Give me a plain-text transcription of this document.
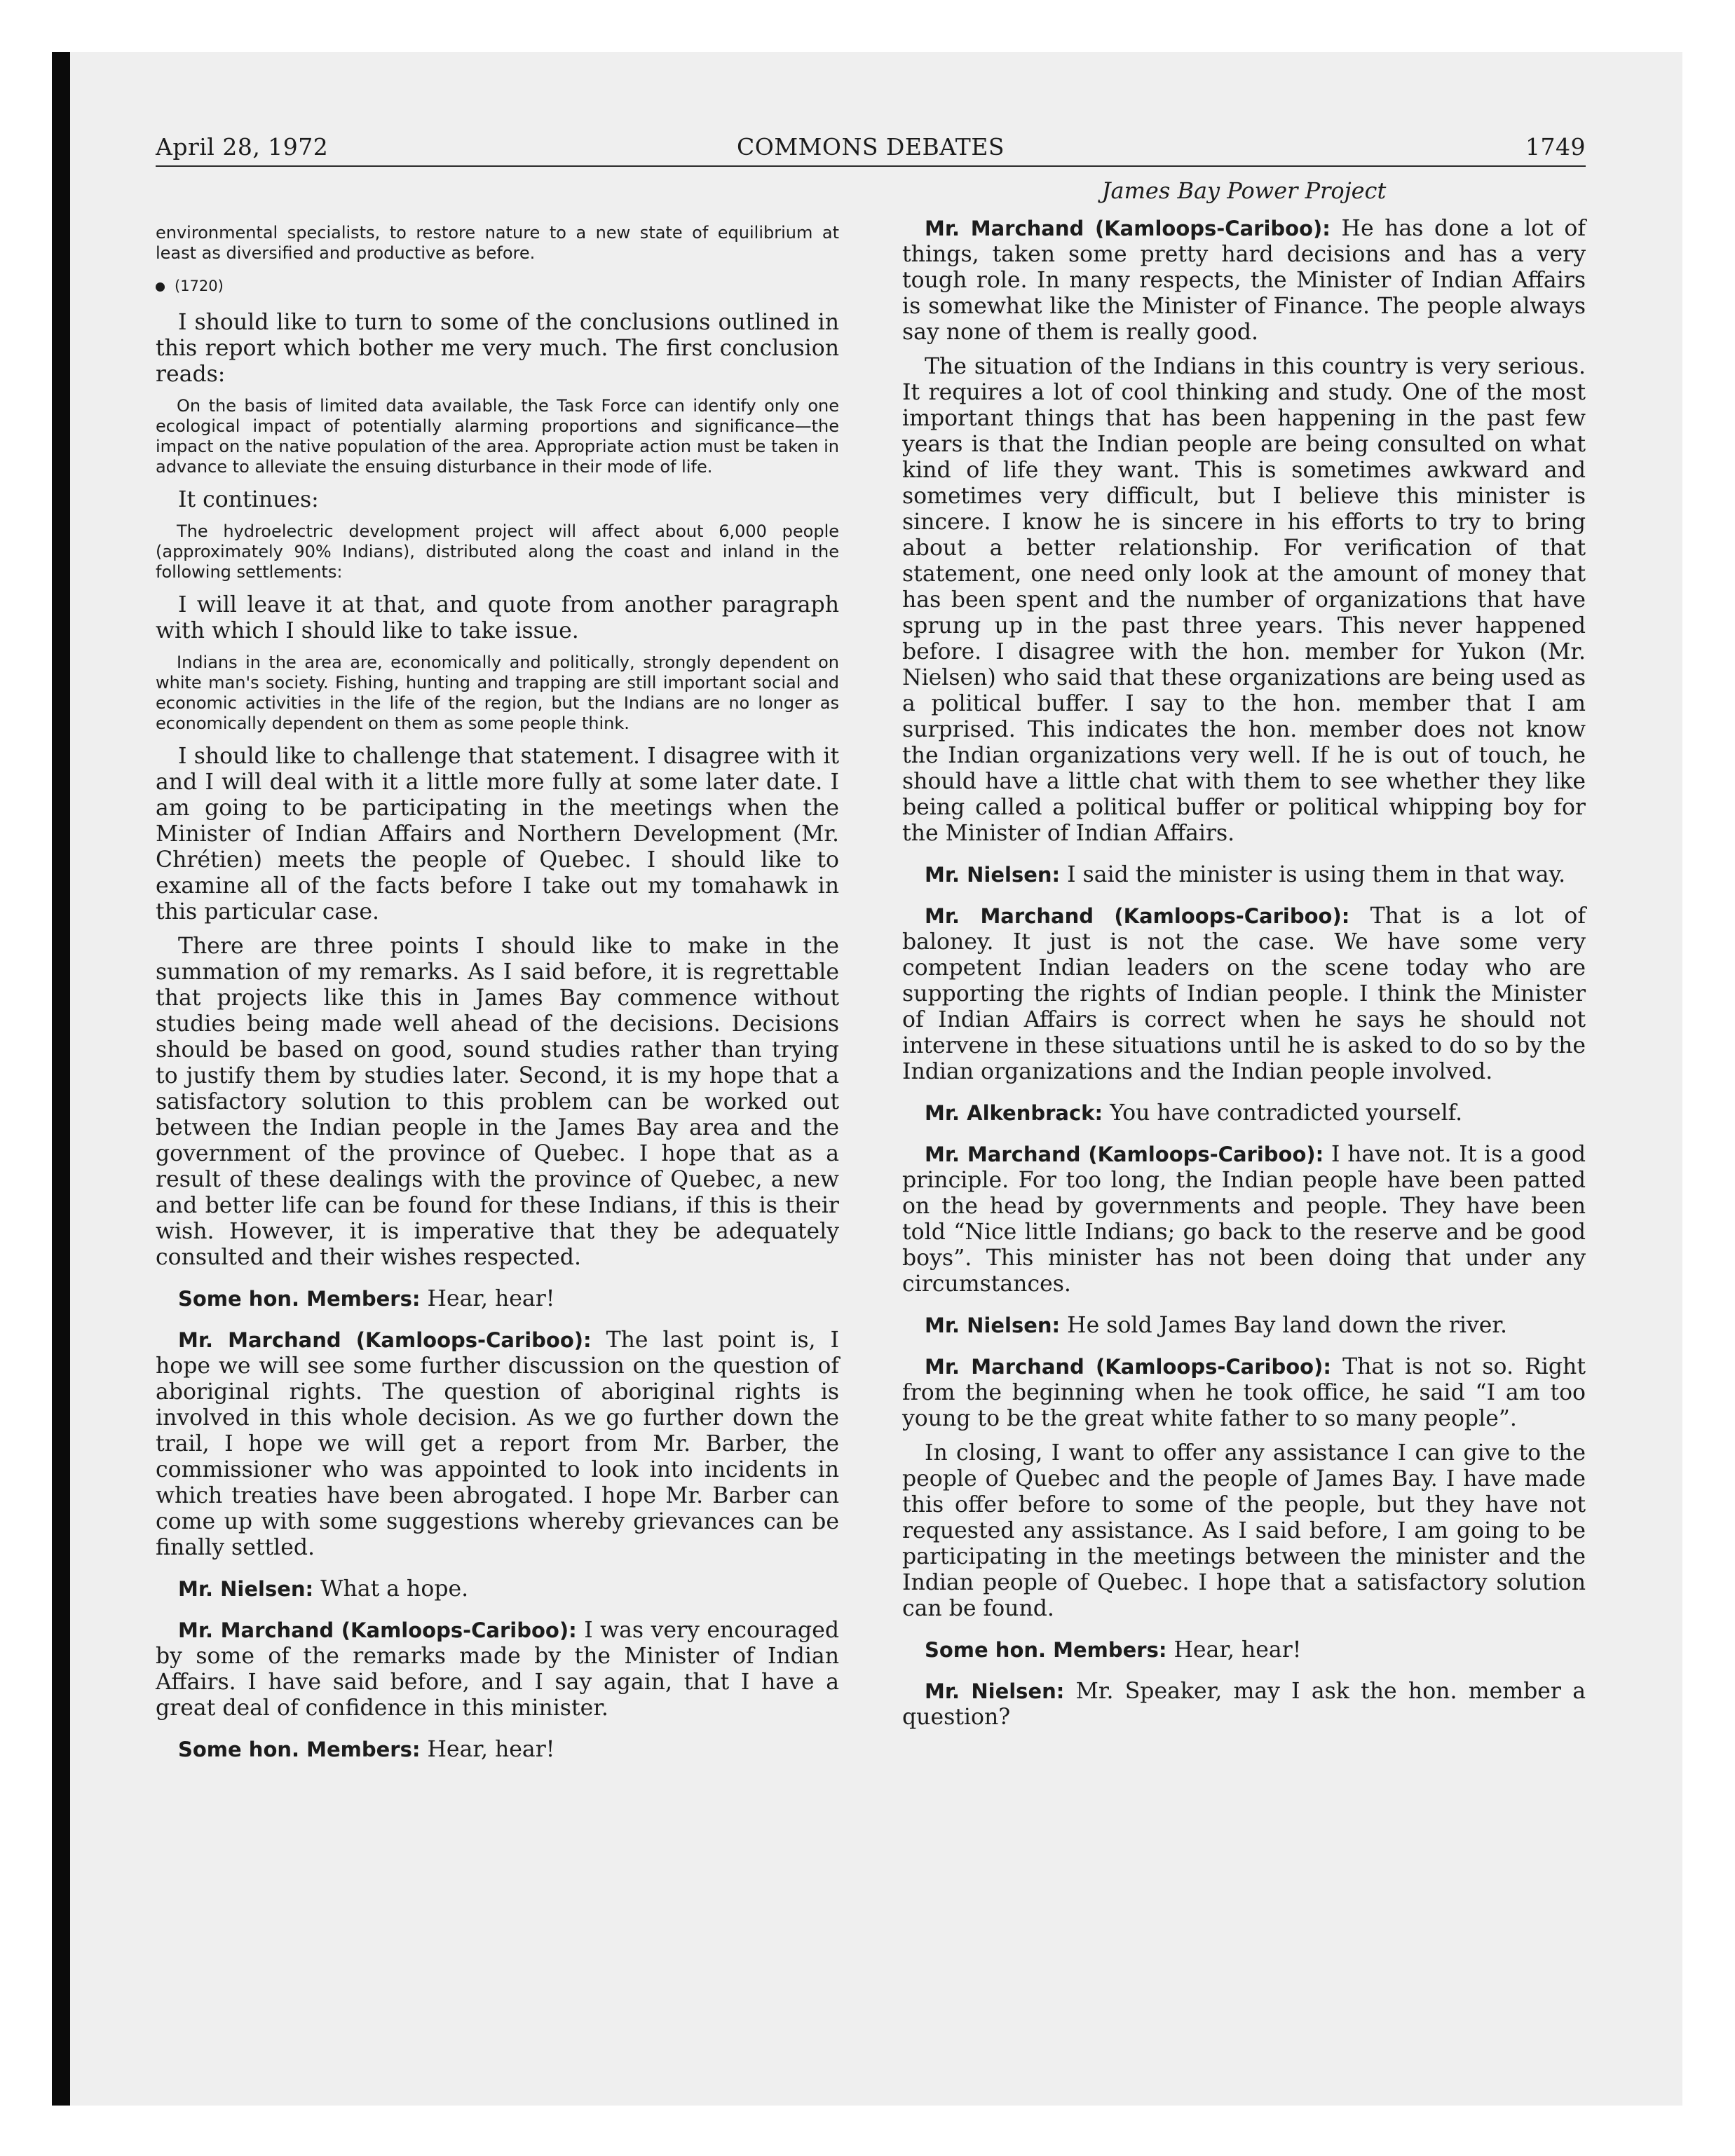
COMMONS DEBATES
April 28, 1972	1749

environmental specialists, to restore nature to a new state of equilibrium at least as diversified and productive as before.

(1720)

I should like to turn to some of the conclusions outlined in this report which bother me very much. The first conclusion reads:

On the basis of limited data available, the Task Force can identify only one ecological impact of potentially alarming proportions and significance—the impact on the native population of the area. Appropriate action must be taken in advance to alleviate the ensuing disturbance in their mode of life.

It continues:

The hydroelectric development project will affect about 6,000 people (approximately 90% Indians), distributed along the coast and inland in the following settlements:

I will leave it at that, and quote from another paragraph with which I should like to take issue.

Indians in the area are, economically and politically, strongly dependent on white man's society. Fishing, hunting and trapping are still important social and economic activities in the life of the region, but the Indians are no longer as economically dependent on them as some people think.

I should like to challenge that statement. I disagree with it and I will deal with it a little more fully at some later date. I am going to be participating in the meetings when the Minister of Indian Affairs and Northern Development (Mr. Chrétien) meets the people of Quebec. I should like to examine all of the facts before I take out my tomahawk in this particular case.

There are three points I should like to make in the summation of my remarks. As I said before, it is regrettable that projects like this in James Bay commence without studies being made well ahead of the decisions. Decisions should be based on good, sound studies rather than trying to justify them by studies later. Second, it is my hope that a satisfactory solution to this problem can be worked out between the Indian people in the James Bay area and the government of the province of Quebec. I hope that as a result of these dealings with the province of Quebec, a new and better life can be found for these Indians, if this is their wish. However, it is imperative that they be adequately consulted and their wishes respected.

Some hon. Members: Hear, hear!

Mr. Marchand (Kamloops-Cariboo): The last point is, I hope we will see some further discussion on the question of aboriginal rights. The question of aboriginal rights is involved in this whole decision. As we go further down the trail, I hope we will get a report from Mr. Barber, the commissioner who was appointed to look into incidents in which treaties have been abrogated. I hope Mr. Barber can come up with some suggestions whereby grievances can be finally settled.

Mr. Nielsen: What a hope.

Mr. Marchand (Kamloops-Cariboo): I was very encouraged by some of the remarks made by the Minister of Indian Affairs. I have said before, and I say again, that I have a great deal of confidence in this minister.

Some hon. Members: Hear, hear!

James Bay Power Project

Mr. Marchand (Kamloops-Cariboo): He has done a lot of things, taken some pretty hard decisions and has a very tough role. In many respects, the Minister of Indian Affairs is somewhat like the Minister of Finance. The people always say none of them is really good.

The situation of the Indians in this country is very serious. It requires a lot of cool thinking and study. One of the most important things that has been happening in the past few years is that the Indian people are being consulted on what kind of life they want. This is sometimes awkward and sometimes very difficult, but I believe this minister is sincere. I know he is sincere in his efforts to try to bring about a better relationship. For verification of that statement, one need only look at the amount of money that has been spent and the number of organizations that have sprung up in the past three years. This never happened before. I disagree with the hon. member for Yukon (Mr. Nielsen) who said that these organizations are being used as a political buffer. I say to the hon. member that I am surprised. This indicates the hon. member does not know the Indian organizations very well. If he is out of touch, he should have a little chat with them to see whether they like being called a political buffer or political whipping boy for the Minister of Indian Affairs.

Mr. Nielsen: I said the minister is using them in that way.

Mr. Marchand (Kamloops-Cariboo): That is a lot of baloney. It just is not the case. We have some very competent Indian leaders on the scene today who are supporting the rights of Indian people. I think the Minister of Indian Affairs is correct when he says he should not intervene in these situations until he is asked to do so by the Indian organizations and the Indian people involved.

Mr. Alkenbrack: You have contradicted yourself.

Mr. Marchand (Kamloops-Cariboo): I have not. It is a good principle. For too long, the Indian people have been patted on the head by governments and people. They have been told “Nice little Indians; go back to the reserve and be good boys”. This minister has not been doing that under any circumstances.

Mr. Nielsen: He sold James Bay land down the river.

Mr. Marchand (Kamloops-Cariboo): That is not so. Right from the beginning when he took office, he said “I am too young to be the great white father to so many people”.

In closing, I want to offer any assistance I can give to the people of Quebec and the people of James Bay. I have made this offer before to some of the people, but they have not requested any assistance. As I said before, I am going to be participating in the meetings between the minister and the Indian people of Quebec. I hope that a satisfactory solution can be found.

Some hon. Members: Hear, hear!

Mr. Nielsen: Mr. Speaker, may I ask the hon. member a question?
